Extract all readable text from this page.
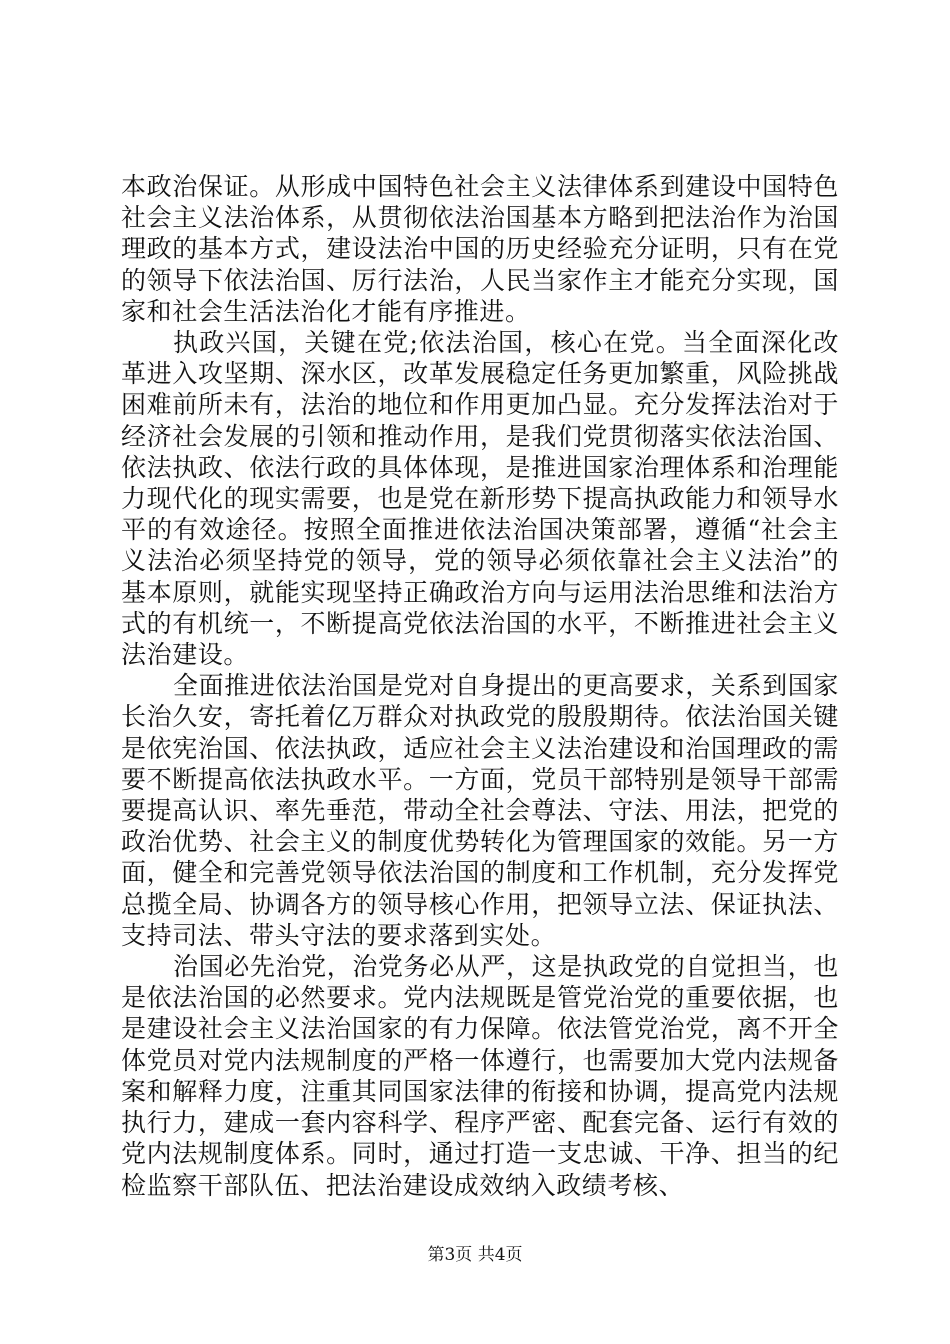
本政治保证。从形成中国特色社会主义法律体系到建设中国特色社会主义法治体系，从贯彻依法治国基本方略到把法治作为治国理政的基本方式，建设法治中国的历史经验充分证明，只有在党的领导下依法治国、厉行法治，人民当家作主才能充分实现，国家和社会生活法治化才能有序推进。

执政兴国，关键在党;依法治国，核心在党。当全面深化改革进入攻坚期、深水区，改革发展稳定任务更加繁重，风险挑战困难前所未有，法治的地位和作用更加凸显。充分发挥法治对于经济社会发展的引领和推动作用，是我们党贯彻落实依法治国、依法执政、依法行政的具体体现，是推进国家治理体系和治理能力现代化的现实需要，也是党在新形势下提高执政能力和领导水平的有效途径。按照全面推进依法治国决策部署，遵循“社会主义法治必须坚持党的领导，党的领导必须依靠社会主义法治”的基本原则，就能实现坚持正确政治方向与运用法治思维和法治方式的有机统一，不断提高党依法治国的水平，不断推进社会主义法治建设。

全面推进依法治国是党对自身提出的更高要求，关系到国家长治久安，寄托着亿万群众对执政党的殷殷期待。依法治国关键是依宪治国、依法执政，适应社会主义法治建设和治国理政的需要不断提高依法执政水平。一方面，党员干部特别是领导干部需要提高认识、率先垂范，带动全社会尊法、守法、用法，把党的政治优势、社会主义的制度优势转化为管理国家的效能。另一方面，健全和完善党领导依法治国的制度和工作机制，充分发挥党总揽全局、协调各方的领导核心作用，把领导立法、保证执法、支持司法、带头守法的要求落到实处。

治国必先治党，治党务必从严，这是执政党的自觉担当，也是依法治国的必然要求。党内法规既是管党治党的重要依据，也是建设社会主义法治国家的有力保障。依法管党治党，离不开全体党员对党内法规制度的严格一体遵行，也需要加大党内法规备案和解释力度，注重其同国家法律的衔接和协调，提高党内法规执行力，建成一套内容科学、程序严密、配套完备、运行有效的党内法规制度体系。同时，通过打造一支忠诚、干净、担当的纪检监察干部队伍、把法治建设成效纳入政绩考核、

第3页 共4页
